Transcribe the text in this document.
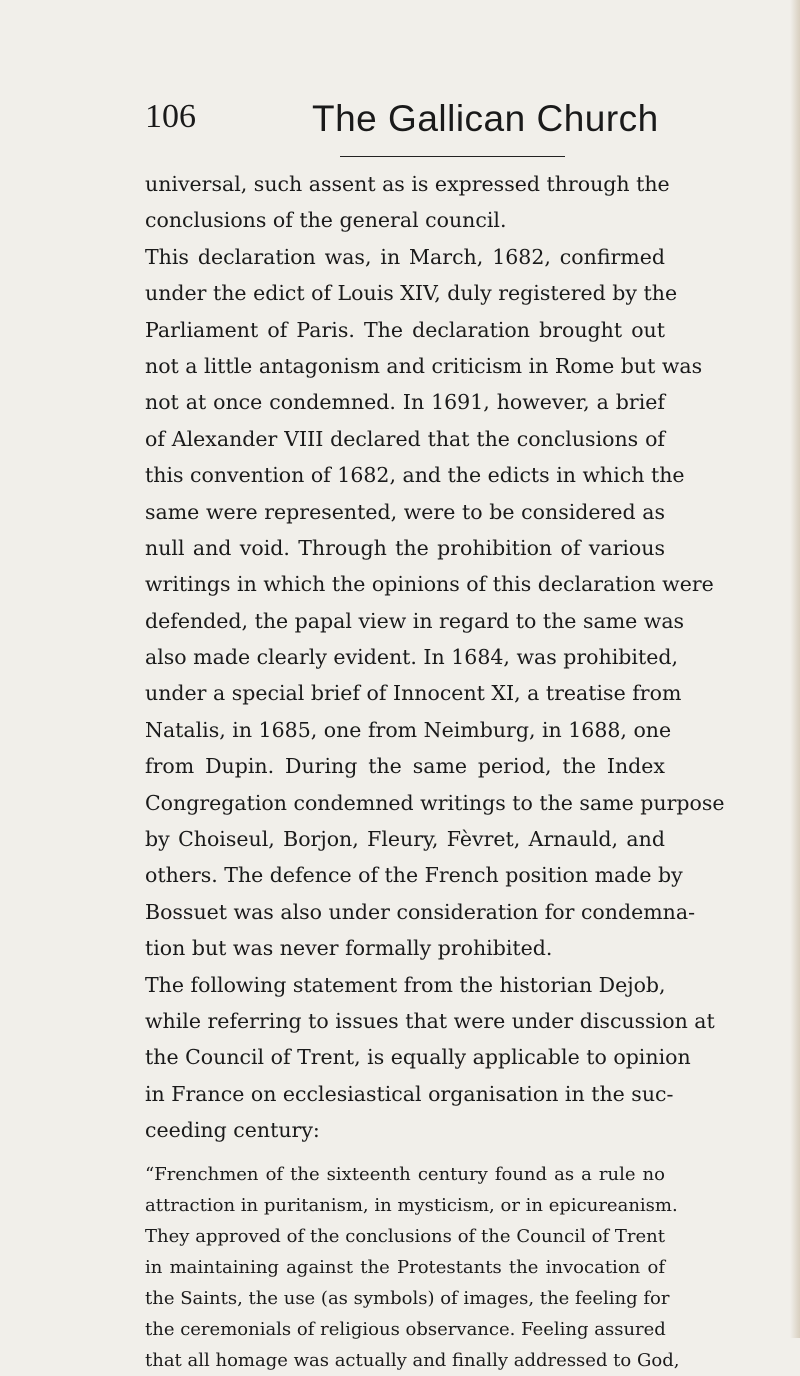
106	The Gallican Church
universal, such assent as is expressed through the
conclusions of the general council.
This declaration was, in March, 1682, confirmed
under the edict of Louis XIV, duly registered by the
Parliament of Paris. The declaration brought out
not a little antagonism and criticism in Rome but was
not at once condemned. In 1691, however, a brief
of Alexander VIII declared that the conclusions of
this convention of 1682, and the edicts in which the
same were represented, were to be considered as
null and void. Through the prohibition of various
writings in which the opinions of this declaration were
defended, the papal view in regard to the same was
also made clearly evident. In 1684, was prohibited,
under a special brief of Innocent XI, a treatise from
Natalis, in 1685, one from Neimburg, in 1688, one
from Dupin. During the same period, the Index
Congregation condemned writings to the same purpose
by Choiseul, Borjon, Fleury, Fèvret, Arnauld, and
others. The defence of the French position made by
Bossuet was also under consideration for condemna-
tion but was never formally prohibited.
The following statement from the historian Dejob,
while referring to issues that were under discussion at
the Council of Trent, is equally applicable to opinion
in France on ecclesiastical organisation in the suc-
ceeding century:
“Frenchmen of the sixteenth century found as a rule no
attraction in puritanism, in mysticism, or in epicureanism.
They approved of the conclusions of the Council of Trent
in maintaining against the Protestants the invocation of
the Saints, the use (as symbols) of images, the feeling for
the ceremonials of religious observance. Feeling assured
that all homage was actually and finally addressed to God,
